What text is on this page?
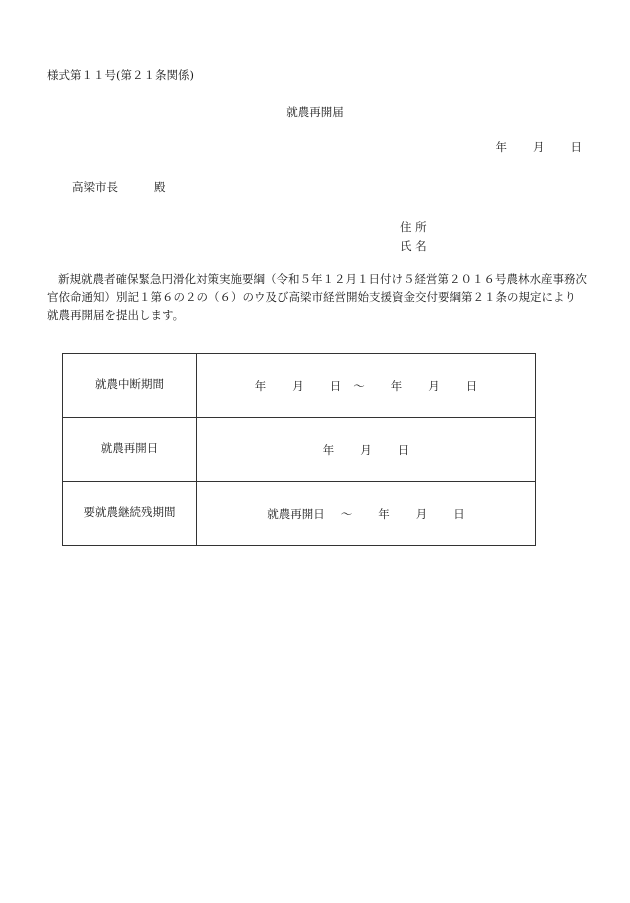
様式第１１号(第２１条関係)
就農再開届
年 月 日
高梁市長	殿
住 所
氏 名
新規就農者確保緊急円滑化対策実施要綱（令和５年１２月１日付け５経営第２０１６号農林水産事務次官依命通知）別記１第６の２の（６）のウ及び高梁市経営開始支援資金交付要綱第２１条の規定により就農再開届を提出します。
就農中断期間	年 月 日 ～ 年 月 日
就農再開日	年 月 日
要就農継続残期間	就農再開日 ～ 年 月 日
